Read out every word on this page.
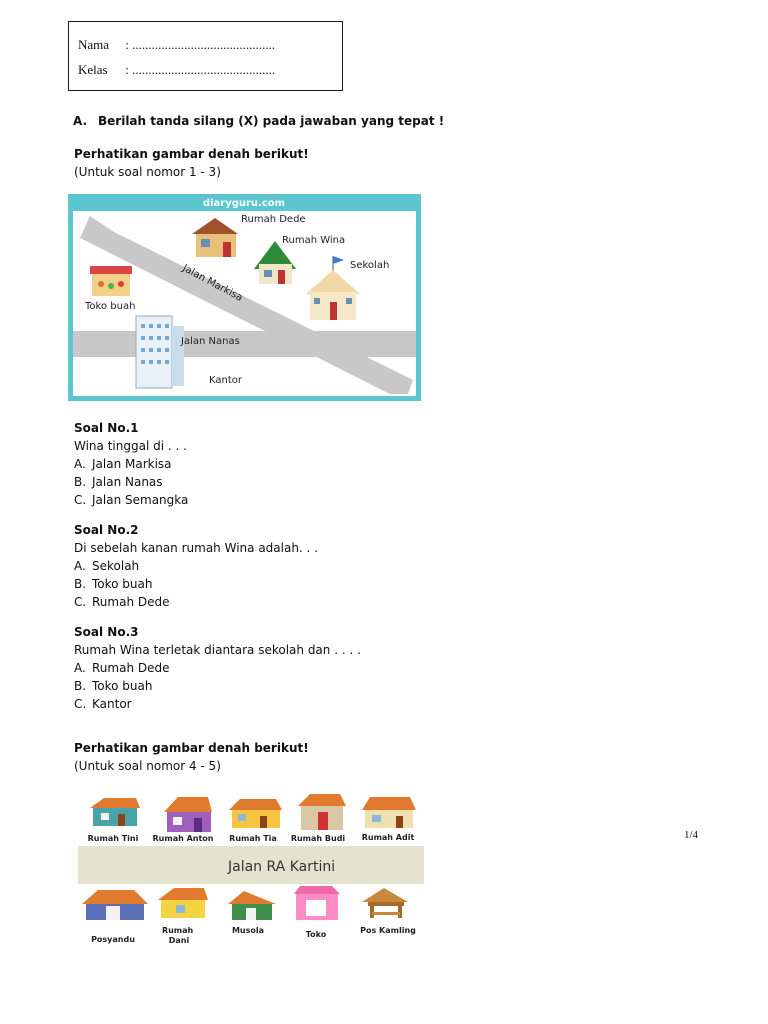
Nama : ............................................
Kelas : ............................................
A. Berilah tanda silang (X) pada jawaban yang tepat !
Perhatikan gambar denah berikut!
(Untuk soal nomor 1 - 3)
diaryguru.com
Rumah Dede
Rumah Wina
Sekolah
Toko buah
Jalan Nanas
Kantor
Jalan Markisa
Soal No.1
Wina tinggal di . . .
A. Jalan Markisa
B. Jalan Nanas
C. Jalan Semangka
Soal No.2
Di sebelah kanan rumah Wina adalah. . .
A. Sekolah
B. Toko buah
C. Rumah Dede
Soal No.3
Rumah Wina terletak diantara sekolah dan . . . .
A. Rumah Dede
B. Toko buah
C. Kantor
Perhatikan gambar denah berikut!
(Untuk soal nomor 4 - 5)
Jalan RA Kartini
Rumah Tini Rumah Anton Rumah Tia Rumah Budi Rumah Adit
Posyandu
Rumah Dani
Musola	Toko	Pos Kamling
1/4
